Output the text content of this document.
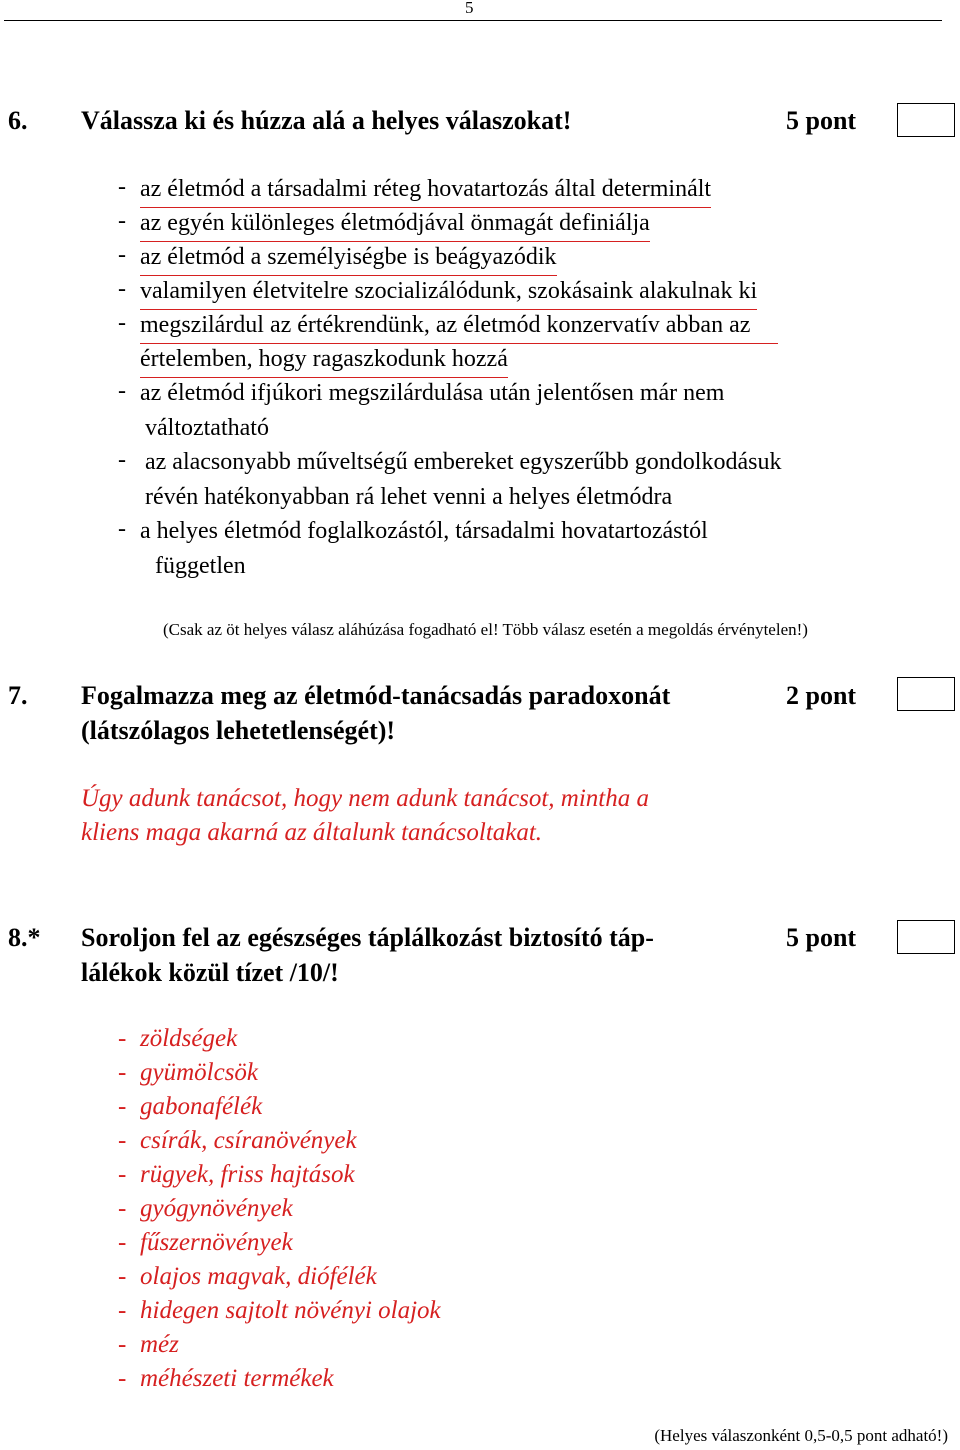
5
6. Válassza ki és húzza alá a helyes válaszokat!	5 pont
- az életmód a társadalmi réteg hovatartozás által determinált
- az egyén különleges életmódjával önmagát definiálja
- az életmód a személyiségbe is beágyazódik
- valamilyen életvitelre szocializálódunk, szokásaink alakulnak ki
- megszilárdul az értékrendünk, az életmód konzervatív abban az
értelemben, hogy ragaszkodunk hozzá
- az életmód ifjúkori megszilárdulása után jelentősen már nem
változtatható
- az alacsonyabb műveltségű embereket egyszerűbb gondolkodásuk
révén hatékonyabban rá lehet venni a helyes életmódra
- a helyes életmód foglalkozástól, társadalmi hovatartozástól
független
(Csak az öt helyes válasz aláhúzása fogadható el! Több válasz esetén a megoldás érvénytelen!)
7. Fogalmazza meg az életmód-tanácsadás paradoxonát
(látszólagos lehetetlenségét)!
2 pont
Úgy adunk tanácsot, hogy nem adunk tanácsot, mintha a
kliens maga akarná az általunk tanácsoltakat.
8.* Soroljon fel az egészséges táplálkozást biztosító táp-
lálékok közül tízet /10/!
5 pont
- zöldségek
- gyümölcsök
- gabonafélék
- csírák, csíranövények
- rügyek, friss hajtások
- gyógynövények
- fűszernövények
- olajos magvak, diófélék
- hidegen sajtolt növényi olajok
- méz
- méhészeti termékek
(Helyes válaszonként 0,5-0,5 pont adható!)
